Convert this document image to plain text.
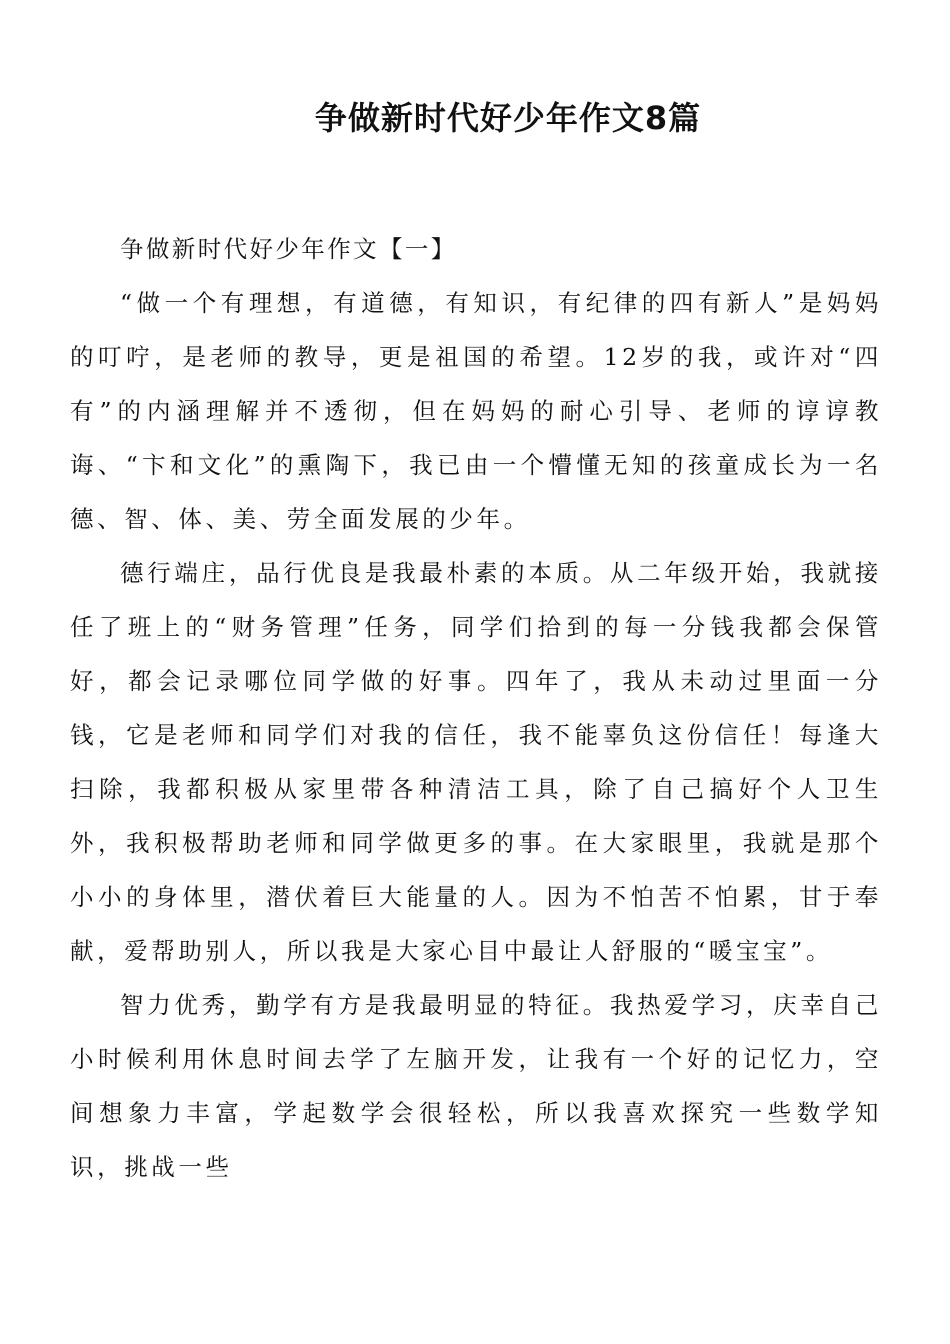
争做新时代好少年作文8篇

争做新时代好少年作文【一】

“做一个有理想，有道德，有知识，有纪律的四有新人”是妈妈的叮咛，是老师的教导，更是祖国的希望。12岁的我，或许对“四有”的内涵理解并不透彻，但在妈妈的耐心引导、老师的谆谆教诲、“卞和文化”的熏陶下，我已由一个懵懂无知的孩童成长为一名德、智、体、美、劳全面发展的少年。

德行端庄，品行优良是我最朴素的本质。从二年级开始，我就接任了班上的“财务管理”任务，同学们拾到的每一分钱我都会保管好，都会记录哪位同学做的好事。四年了，我从未动过里面一分钱，它是老师和同学们对我的信任，我不能辜负这份信任！每逢大扫除，我都积极从家里带各种清洁工具，除了自己搞好个人卫生外，我积极帮助老师和同学做更多的事。在大家眼里，我就是那个小小的身体里，潜伏着巨大能量的人。因为不怕苦不怕累，甘于奉献，爱帮助别人，所以我是大家心目中最让人舒服的“暖宝宝”。

智力优秀，勤学有方是我最明显的特征。我热爱学习，庆幸自己小时候利用休息时间去学了左脑开发，让我有一个好的记忆力，空间想象力丰富，学起数学会很轻松，所以我喜欢探究一些数学知识，挑战一些
